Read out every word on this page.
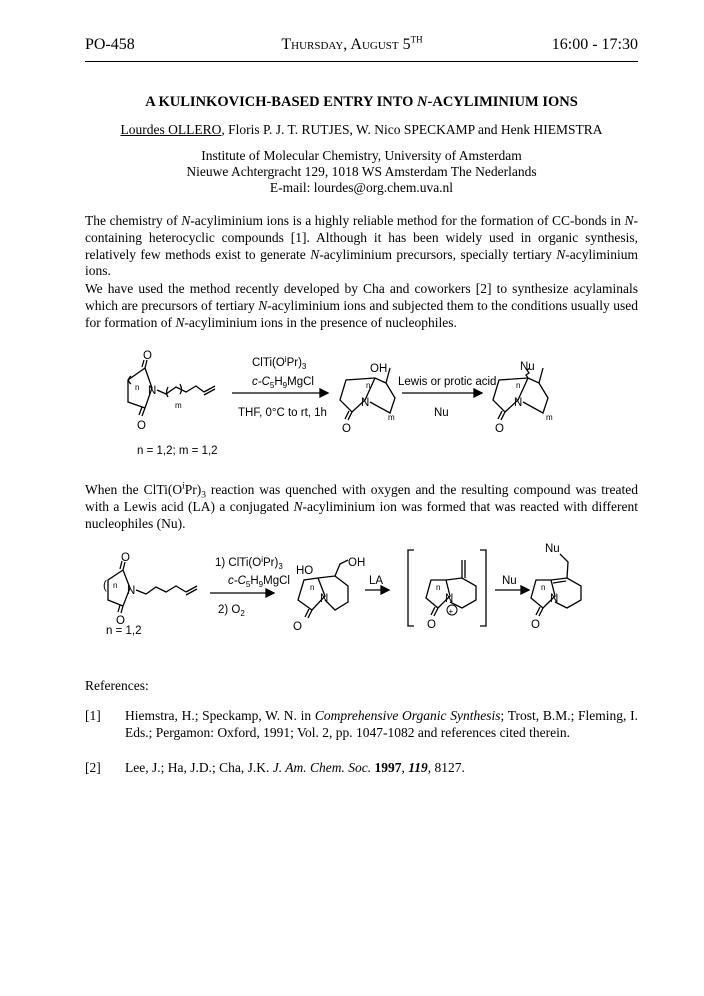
PO-458	Thursday, August 5TH	16:00 - 17:30
A KULINKOVICH-BASED ENTRY INTO N-ACYLIMINIUM IONS
Lourdes OLLERO, Floris P. J. T. RUTJES, W. Nico SPECKAMP and Henk HIEMSTRA
Institute of Molecular Chemistry, University of Amsterdam
Nieuwe Achtergracht 129, 1018 WS Amsterdam The Nederlands
E-mail: lourdes@org.chem.uva.nl
The chemistry of N-acyliminium ions is a highly reliable method for the formation of CC-bonds in N-containing heterocyclic compounds [1]. Although it has been widely used in organic synthesis, relatively few methods exist to generate N-acyliminium precursors, specially tertiary N-acyliminium ions.
We have used the method recently developed by Cha and coworkers [2] to synthesize acylaminals which are precursors of tertiary N-acyliminium ions and subjected them to the conditions usually used for formation of N-acyliminium ions in the presence of nucleophiles.
O
O
N
n
m
n = 1,2; m = 1,2
$ClTi(O^iPr)_3$
$c-C_5H_9MgCl$
THF, 0°C to rt, 1h
OH
N
O
n
m
Lewis or protic acid
Nu
Nu
N
O
n
m
When the $ClTi(O^iPr)_3$ reaction was quenched with oxygen and the resulting compound was treated with a Lewis acid (LA) a conjugated N-acyliminium ion was formed that was reacted with different nucleophiles (Nu).
O
O
N
n
(
n = 1,2
1) $ClTi(O^iPr)_3$
$c-C_5H_9MgCl$
2) $O_2$
HO
OH
N
O
n
LA
N
+
O
n
Nu
Nu
N
O
n
References:
[1] Hiemstra, H.; Speckamp, W. N. in Comprehensive Organic Synthesis; Trost, B.M.; Fleming, I. Eds.; Pergamon: Oxford, 1991; Vol. 2, pp. 1047-1082 and references cited therein.
[2] Lee, J.; Ha, J.D.; Cha, J.K. J. Am. Chem. Soc. 1997, 119, 8127.
